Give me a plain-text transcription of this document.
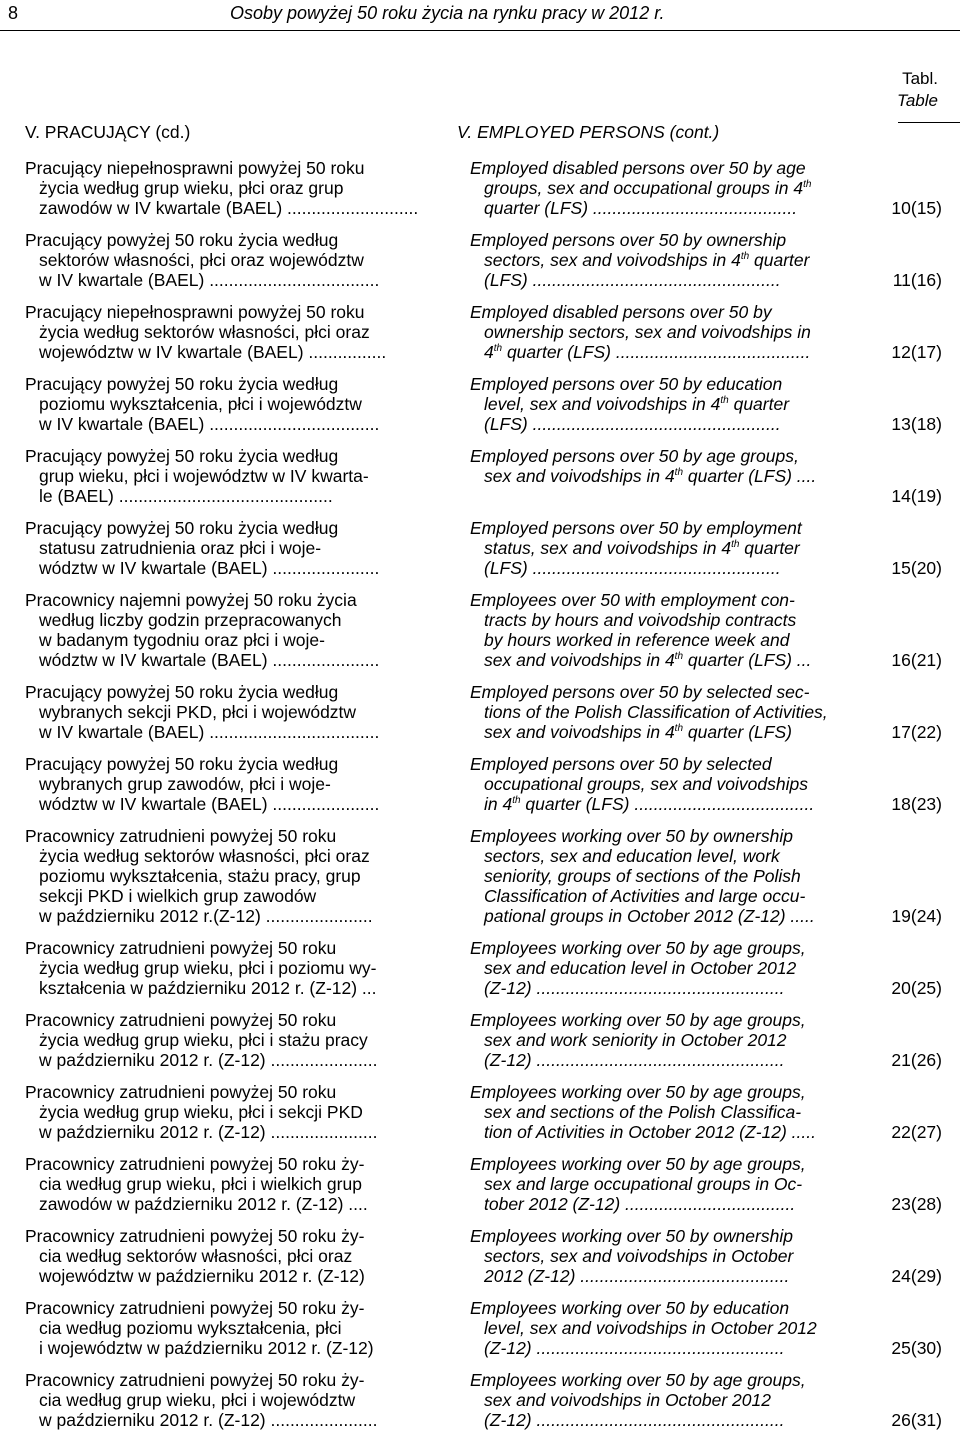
8	Osoby powyżej 50 roku życia na rynku pracy w 2012 r.
Tabl.
Table
V. PRACUJĄCY (cd.)	V. EMPLOYED PERSONS (cont.)
Pracujący niepełnosprawni powyżej 50 roku
życia według grup wieku, płci oraz grup
zawodów w IV kwartale (BAEL) ...........................
Employed disabled persons over 50 by age
groups, sex and occupational groups in 4th
quarter (LFS) ..........................................	10(15)
Pracujący powyżej 50 roku życia według
sektorów własności, płci oraz województw
w IV kwartale (BAEL) ...................................
Employed persons over 50 by ownership
sectors, sex and voivodships in 4th quarter
(LFS) ...................................................	11(16)
Pracujący niepełnosprawni powyżej 50 roku
życia według sektorów własności, płci oraz
województw w IV kwartale (BAEL) ................
Employed disabled persons over 50 by
ownership sectors, sex and voivodships in
4th quarter (LFS) ........................................	12(17)
Pracujący powyżej 50 roku życia według
poziomu wykształcenia, płci i województw
w IV kwartale (BAEL) ...................................
Employed persons over 50 by education
level, sex and voivodships in 4th quarter
(LFS) ...................................................	13(18)
Pracujący powyżej 50 roku życia według
grup wieku, płci i województw w IV kwarta-
le (BAEL) ............................................
Employed persons over 50 by age groups,
sex and voivodships in 4th quarter (LFS) ....
14(19)
Pracujący powyżej 50 roku życia według
statusu zatrudnienia oraz płci i woje-
wództw w IV kwartale (BAEL) ......................
Employed persons over 50 by employment
status, sex and voivodships in 4th quarter
(LFS) ...................................................	15(20)
Pracownicy najemni powyżej 50 roku życia
według liczby godzin przepracowanych
w badanym tygodniu oraz płci i woje-
wództw w IV kwartale (BAEL) ......................
Employees over 50 with employment con-
tracts by hours and voivodship contracts
by hours worked in reference week and
sex and voivodships in 4th quarter (LFS) ...	16(21)
Pracujący powyżej 50 roku życia według
wybranych sekcji PKD, płci i województw
w IV kwartale (BAEL) ...................................
Employed persons over 50 by selected sec-
tions of the Polish Classification of Activities,
sex and voivodships in 4th quarter (LFS)	17(22)
Pracujący powyżej 50 roku życia według
wybranych grup zawodów, płci i woje-
wództw w IV kwartale (BAEL) ......................
Employed persons over 50 by selected
occupational groups, sex and voivodships
in 4th quarter (LFS) .....................................	18(23)
Pracownicy zatrudnieni powyżej 50 roku
życia według sektorów własności, płci oraz
poziomu wykształcenia, stażu pracy, grup
sekcji PKD i wielkich grup zawodów
w październiku 2012 r.(Z-12) ......................
Employees working over 50 by ownership
sectors, sex and education level, work
seniority, groups of sections of the Polish
Classification of Activities and large occu-
pational groups in October 2012 (Z-12) .....	19(24)
Pracownicy zatrudnieni powyżej 50 roku
życia według grup wieku, płci i poziomu wy-
kształcenia w październiku 2012 r. (Z-12) ...
Employees working over 50 by age groups,
sex and education level in October 2012
(Z-12) ...................................................	20(25)
Pracownicy zatrudnieni powyżej 50 roku
życia według grup wieku, płci i stażu pracy
w październiku 2012 r. (Z-12) ......................
Employees working over 50 by age groups,
sex and work seniority in October 2012
(Z-12) ...................................................	21(26)
Pracownicy zatrudnieni powyżej 50 roku
życia według grup wieku, płci i sekcji PKD
w październiku 2012 r. (Z-12) ......................
Employees working over 50 by age groups,
sex and sections of the Polish Classifica-
tion of Activities in October 2012 (Z-12) .....	22(27)
Pracownicy zatrudnieni powyżej 50 roku ży-
cia według grup wieku, płci i wielkich grup
zawodów w październiku 2012 r. (Z-12) ....
Employees working over 50 by age groups,
sex and large occupational groups in Oc-
tober 2012 (Z-12) ...................................	23(28)
Pracownicy zatrudnieni powyżej 50 roku ży-
cia według sektorów własności, płci oraz
województw w październiku 2012 r. (Z-12)
Employees working over 50 by ownership
sectors, sex and voivodships in October
2012 (Z-12) ...........................................	24(29)
Pracownicy zatrudnieni powyżej 50 roku ży-
cia według poziomu wykształcenia, płci
i województw w październiku 2012 r. (Z-12)
Employees working over 50 by education
level, sex and voivodships in October 2012
(Z-12) ...................................................	25(30)
Pracownicy zatrudnieni powyżej 50 roku ży-
cia według grup wieku, płci i województw
w październiku 2012 r. (Z-12) ......................
Employees working over 50 by age groups,
sex and voivodships in October 2012
(Z-12) ...................................................	26(31)
